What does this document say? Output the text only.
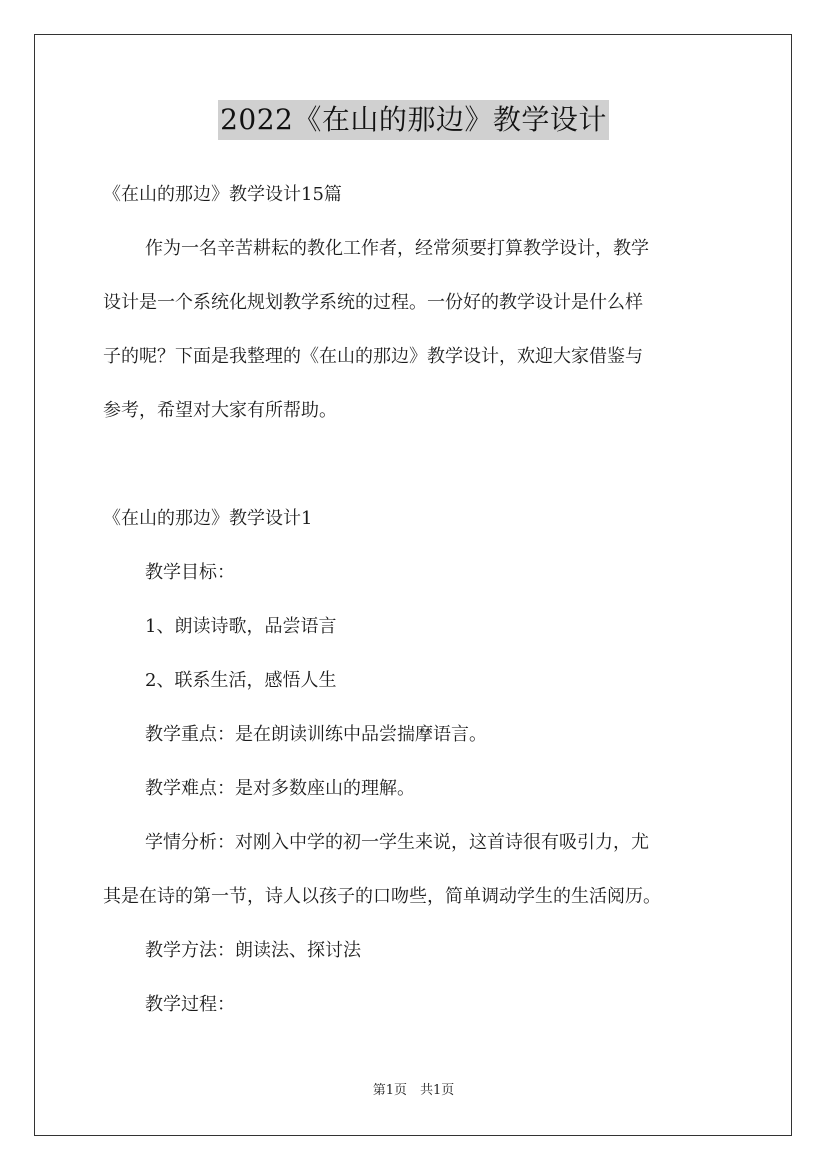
2022《在山的那边》教学设计
《在山的那边》教学设计15篇
作为一名辛苦耕耘的教化工作者，经常须要打算教学设计，教学
设计是一个系统化规划教学系统的过程。一份好的教学设计是什么样
子的呢？下面是我整理的《在山的那边》教学设计，欢迎大家借鉴与
参考，希望对大家有所帮助。
《在山的那边》教学设计1
教学目标：
1、朗读诗歌，品尝语言
2、联系生活，感悟人生
教学重点：是在朗读训练中品尝揣摩语言。
教学难点：是对多数座山的理解。
学情分析：对刚入中学的初一学生来说，这首诗很有吸引力，尤
其是在诗的第一节，诗人以孩子的口吻些，简单调动学生的生活阅历。
教学方法：朗读法、探讨法
教学过程：
第1页　共1页
